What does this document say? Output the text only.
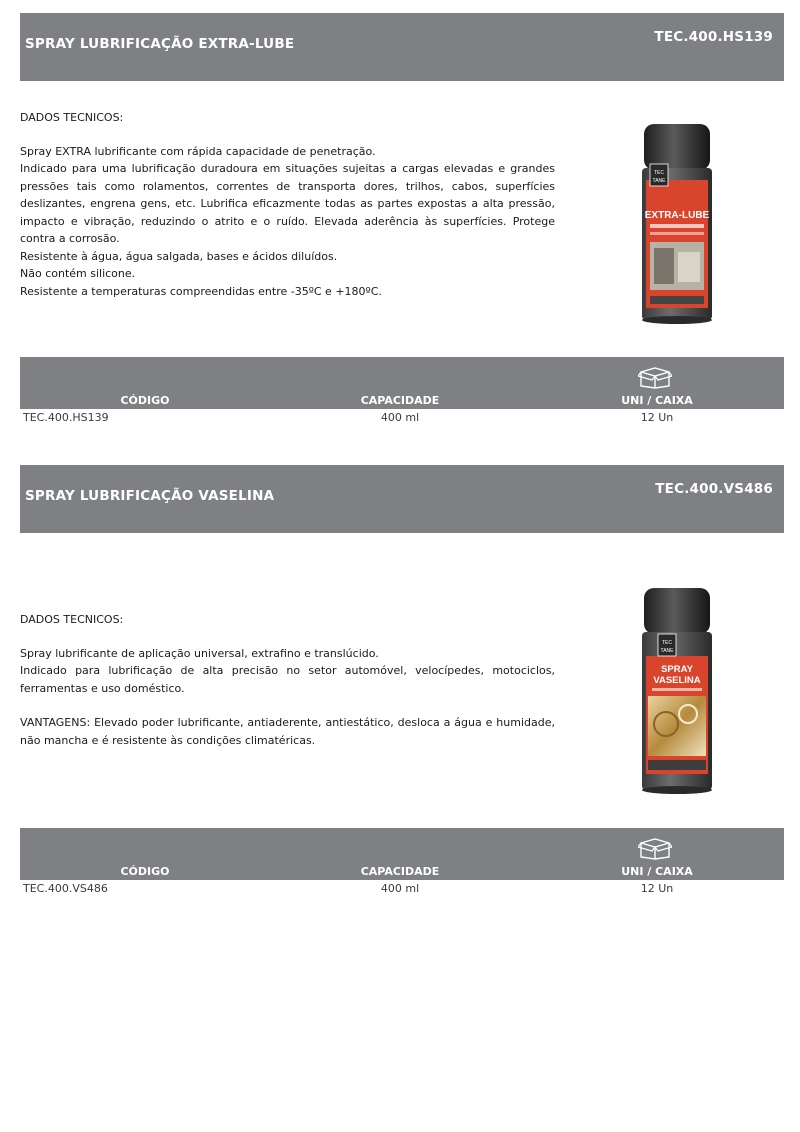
SPRAY LUBRIFICAÇÃO EXTRA-LUBE	TEC.400.HS139
DADOS TECNICOS:
Spray EXTRA lubrificante com rápida capacidade de penetração.
Indicado para uma lubrificação duradoura em situações sujeitas a cargas elevadas e grandes pressões tais como rolamentos, correntes de transporta dores, trilhos, cabos, superfícies deslizantes, engrena gens, etc. Lubrifica eficazmente todas as partes expostas a alta pressão, impacto e vibração, reduzindo o atrito e o ruído. Elevada aderência às superfícies. Protege contra a corrosão.
Resistente à água, água salgada, bases e ácidos diluídos.
Não contém silicone.
Resistente a temperaturas compreendidas entre -35ºC e +180ºC.
TEC
TANE
EXTRA-LUBE
CÓDIGO	CAPACIDADE	UNI / CAIXA
TEC.400.HS139	400 ml	12 Un
SPRAY LUBRIFICAÇÃO VASELINA	TEC.400.VS486
DADOS TECNICOS:
Spray lubrificante de aplicação universal, extrafino e translúcido.
Indicado para lubrificação de alta precisão no setor automóvel, velocípedes, motociclos, ferramentas e uso doméstico.
VANTAGENS: Elevado poder lubrificante, antiaderente, antiestático, desloca a água e humidade, não mancha e é resistente às condições climatéricas.
TEC
TANE
SPRAY
VASELINA
CÓDIGO	CAPACIDADE	UNI / CAIXA
TEC.400.VS486	400 ml	12 Un
